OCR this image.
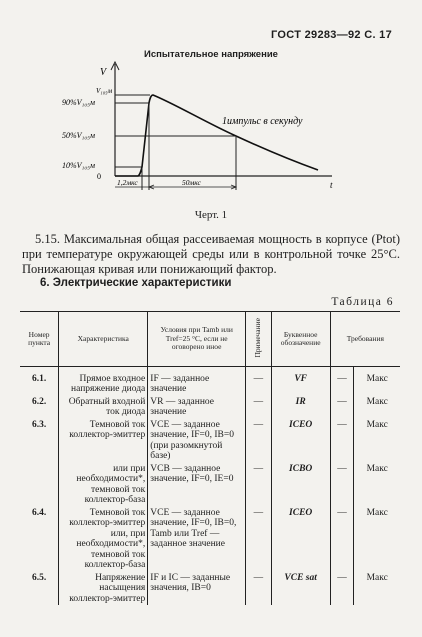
ГОСТ 29283—92 С. 17
Испытательное напряжение
V
V₁₀₅м
90%V₁₀₅м
50%V₁₀₅м
10%V₁₀₅м
0
t
1импульс в секунду
1,2мкс	50мкс
Черт. 1
5.15. Максимальная общая рассеиваемая мощность в корпусе (Ptot) при температуре окружающей среды или в контрольной точке 25°С. Понижающая кривая или понижающий фактор.
6. Электрические характеристики
Таблица 6
Номер пункта	Характеристика	Условия при Tamb или Tref=25 °С, если не оговорено иное	Примечание	Буквенное обозначение	Требования	

6.1.	Прямое входное напряжение диода	IF — заданное значение	—	VF	—	Макс
6.2.	Обратный входной ток диода	VR — заданное значение	—	IR	—	Макс
6.3.	Темновой ток коллектор-эмиттер	VCE — заданное значение, IF=0, IB=0 (при разомкнутой базе)	—	ICEO	—	Макс
	или при необходимости*, темновой ток коллектор-база	VCB — заданное значение, IF=0, IE=0	—	ICBO	—	Макс
6.4.	Темновой ток коллектор-эмиттер или, при необходимости*, темновой ток коллектор-база	VCE — заданное значение, IF=0, IB=0, Tamb или Tref — заданное значение	—	ICEO	—	Макс
6.5.	Напряжение насыщения коллектор-эмиттер	IF и IC — заданные значения, IB=0	—	VCE sat	—	Макс
